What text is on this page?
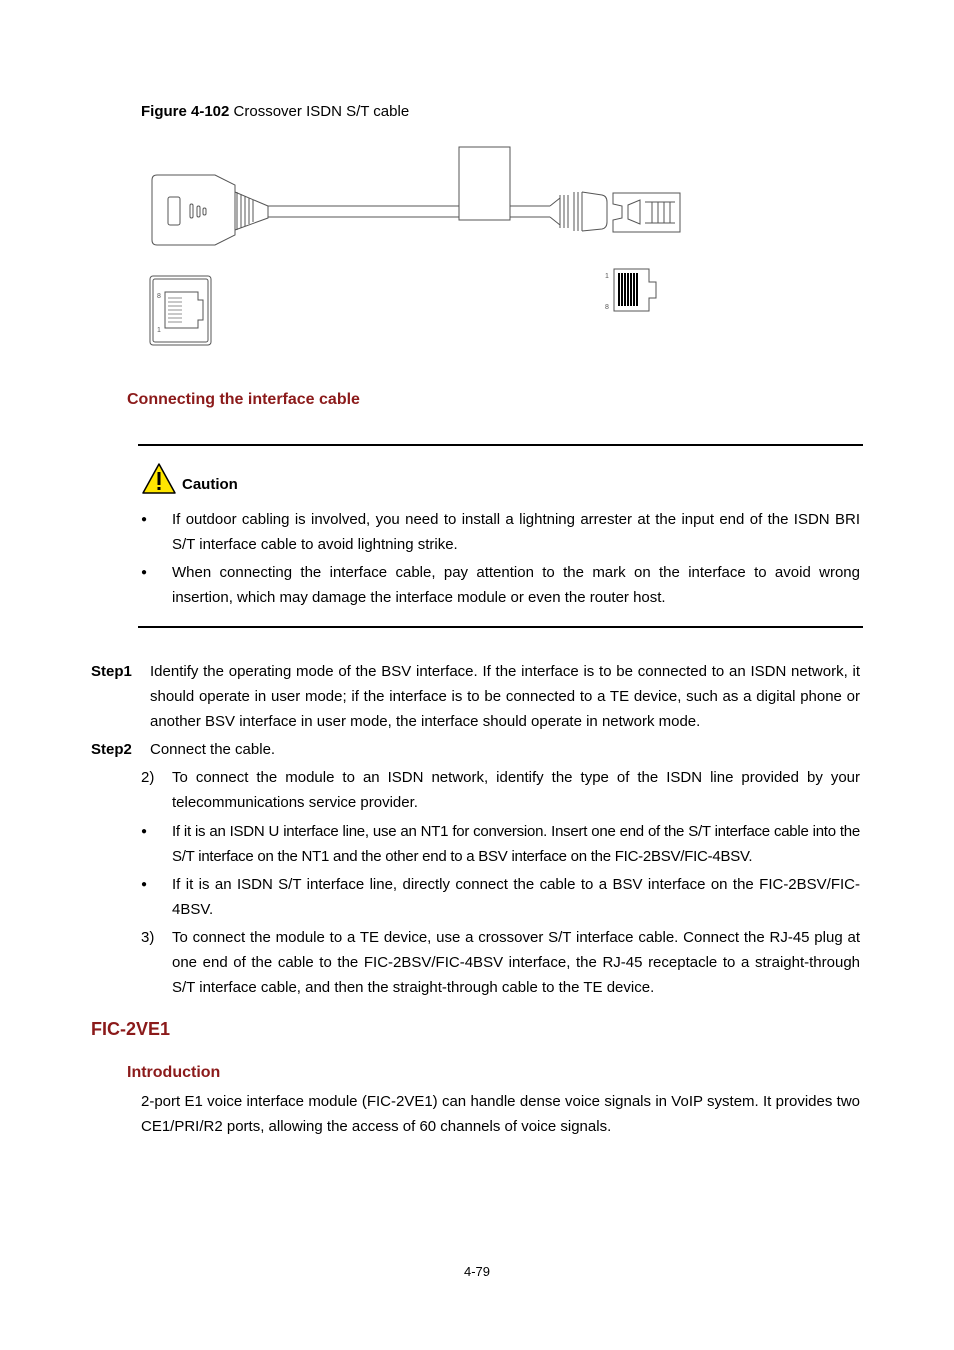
Figure 4-102 Crossover ISDN S/T cable
8
1
1
8
Connecting the interface cable
Caution
● If outdoor cabling is involved, you need to install a lightning arrester at the input end of the ISDN BRI S/T interface cable to avoid lightning strike.
● When connecting the interface cable, pay attention to the mark on the interface to avoid wrong insertion, which may damage the interface module or even the router host.
Step1 Identify the operating mode of the BSV interface. If the interface is to be connected to an ISDN network, it should operate in user mode; if the interface is to be connected to a TE device, such as a digital phone or another BSV interface in user mode, the interface should operate in network mode.
Step2 Connect the cable.
2) To connect the module to an ISDN network, identify the type of the ISDN line provided by your telecommunications service provider.
● If it is an ISDN U interface line, use an NT1 for conversion. Insert one end of the S/T interface cable into the S/T interface on the NT1 and the other end to a BSV interface on the FIC-2BSV/FIC-4BSV.
● If it is an ISDN S/T interface line, directly connect the cable to a BSV interface on the FIC-2BSV/FIC-4BSV.
3) To connect the module to a TE device, use a crossover S/T interface cable. Connect the RJ-45 plug at one end of the cable to the FIC-2BSV/FIC-4BSV interface, the RJ-45 receptacle to a straight-through S/T interface cable, and then the straight-through cable to the TE device.
FIC-2VE1
Introduction
2-port E1 voice interface module (FIC-2VE1) can handle dense voice signals in VoIP system. It provides two CE1/PRI/R2 ports, allowing the access of 60 channels of voice signals.
4-79
